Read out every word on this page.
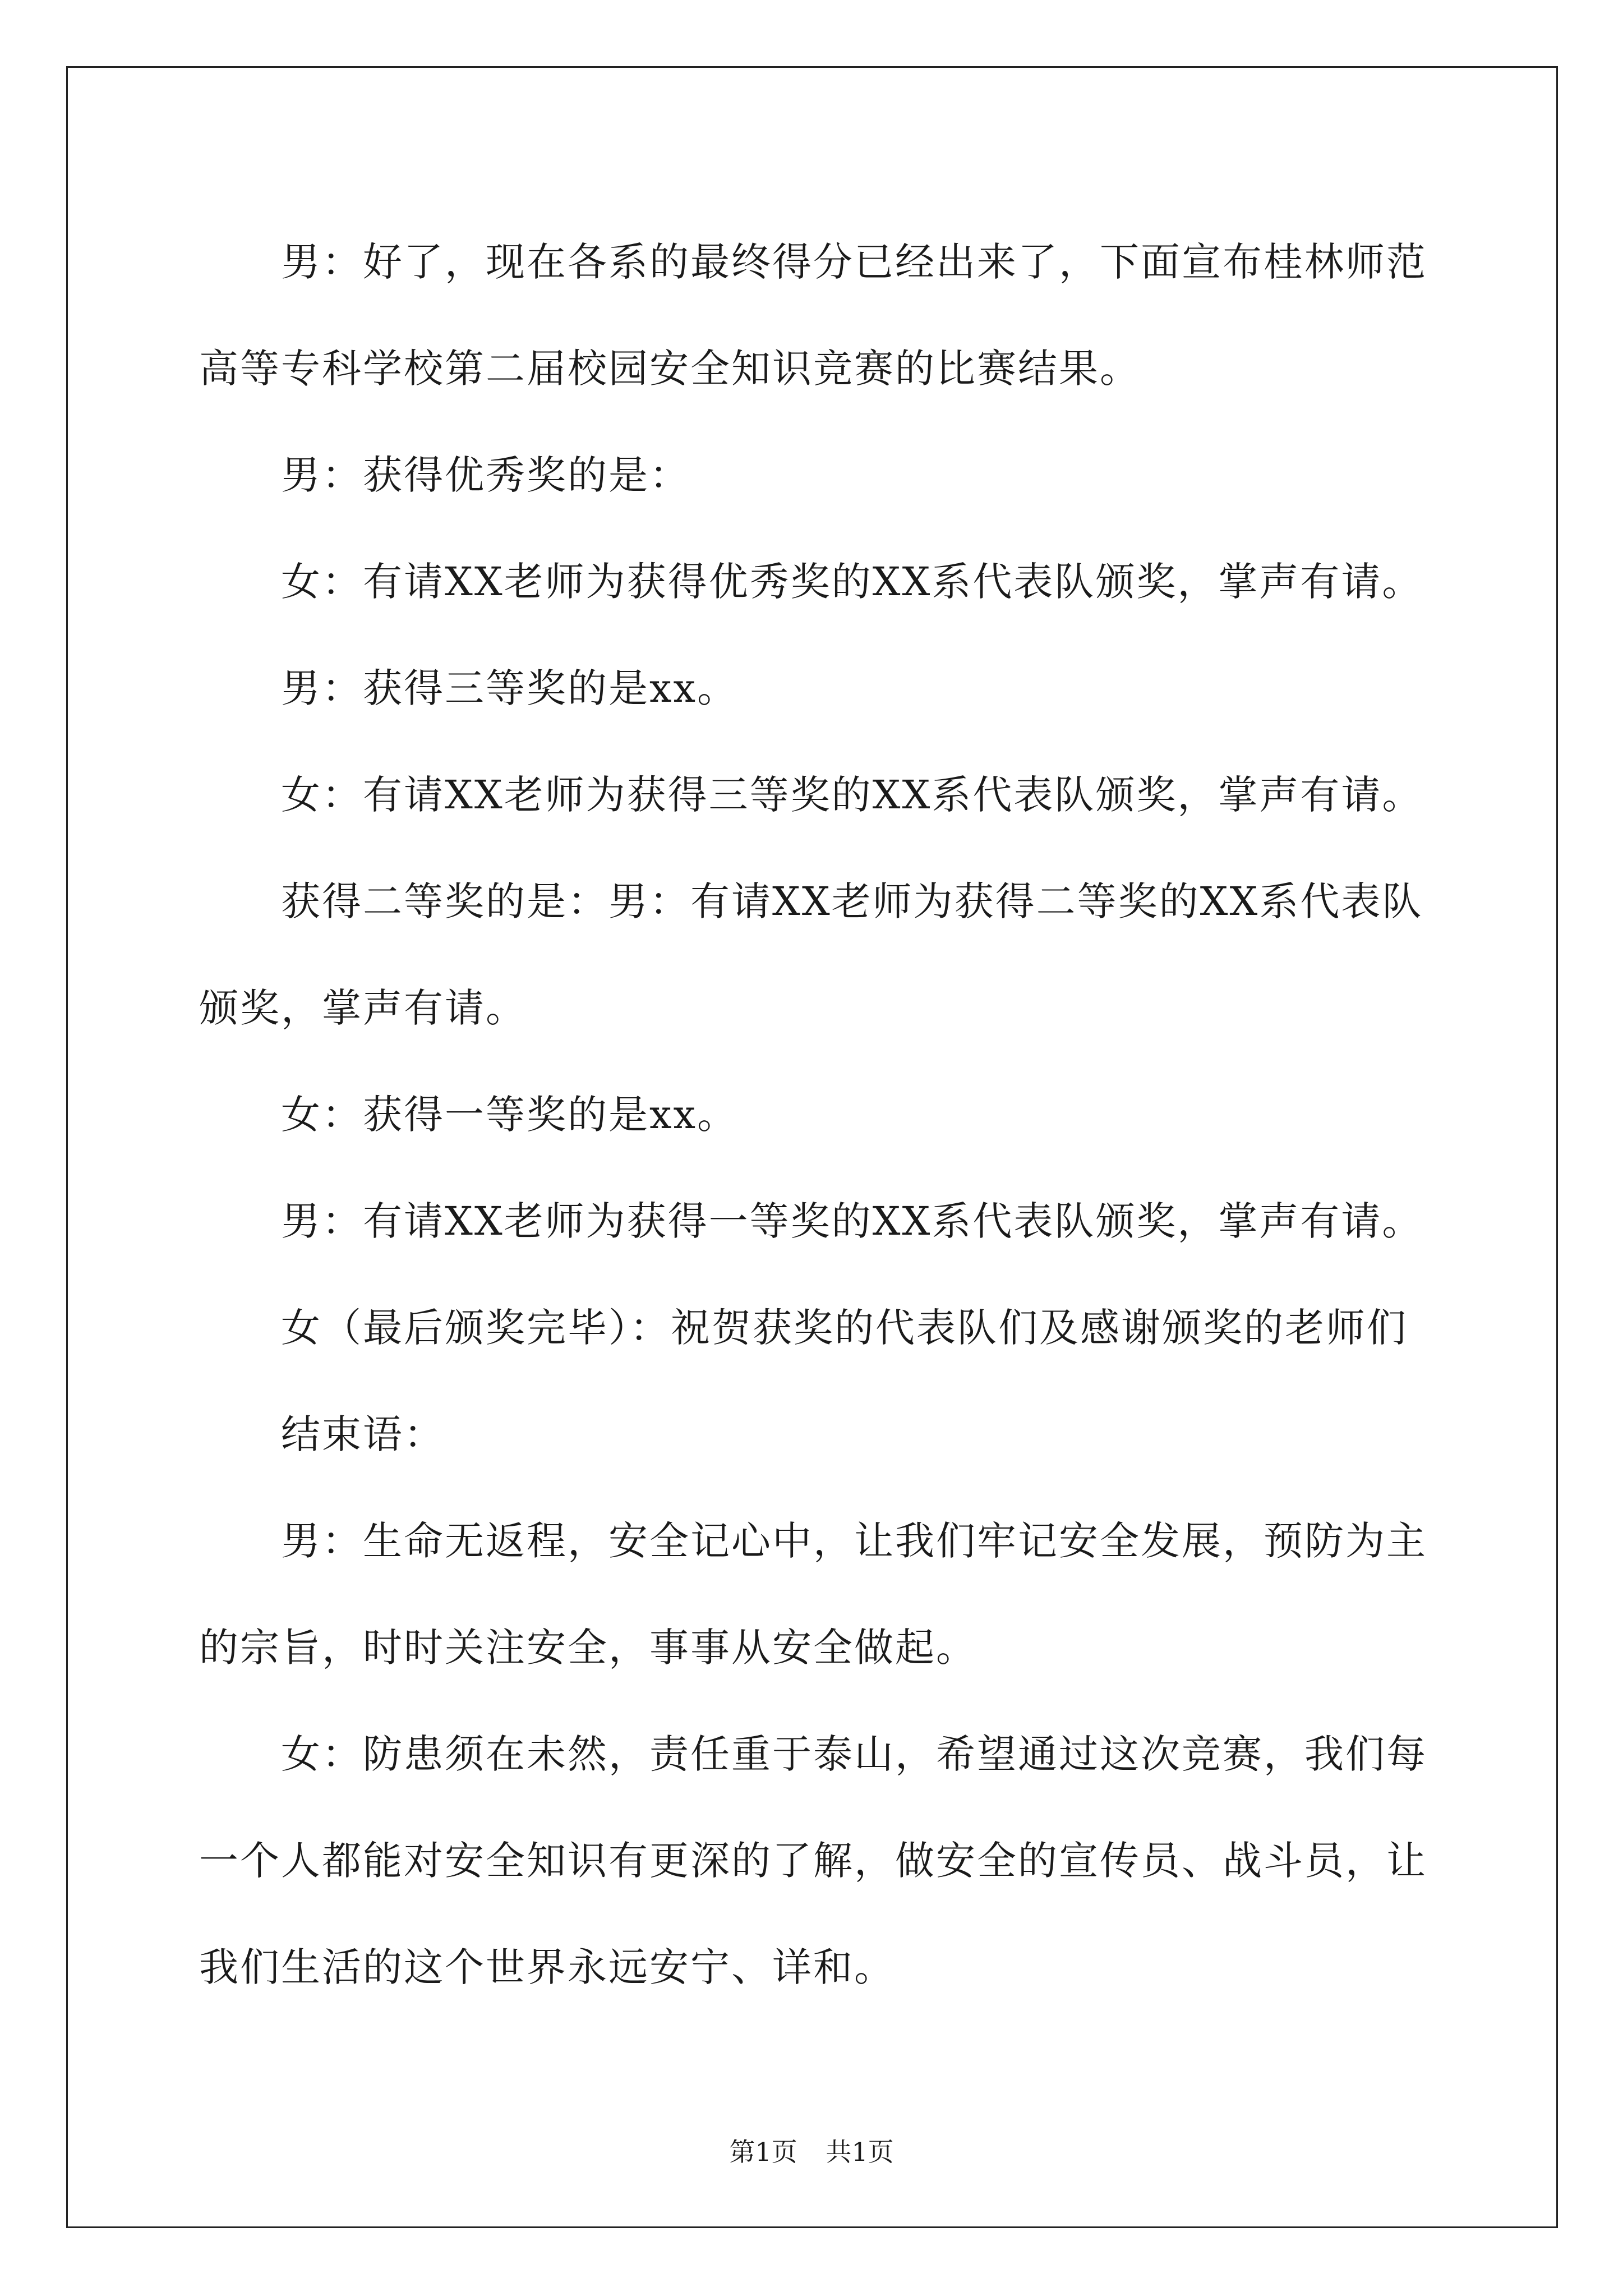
男：好了，现在各系的最终得分已经出来了，下面宣布桂林师范
高等专科学校第二届校园安全知识竞赛的比赛结果。
男：获得优秀奖的是：
女：有请XX老师为获得优秀奖的XX系代表队颁奖，掌声有请。
男：获得三等奖的是xx。
女：有请XX老师为获得三等奖的XX系代表队颁奖，掌声有请。
获得二等奖的是：男：有请XX老师为获得二等奖的XX系代表队
颁奖，掌声有请。
女：获得一等奖的是xx。
男：有请XX老师为获得一等奖的XX系代表队颁奖，掌声有请。
女（最后颁奖完毕）：祝贺获奖的代表队们及感谢颁奖的老师们
结束语：
男：生命无返程，安全记心中，让我们牢记安全发展，预防为主
的宗旨，时时关注安全，事事从安全做起。
女：防患须在未然，责任重于泰山，希望通过这次竞赛，我们每
一个人都能对安全知识有更深的了解，做安全的宣传员、战斗员，让
我们生活的这个世界永远安宁、详和。
第1页 共1页
